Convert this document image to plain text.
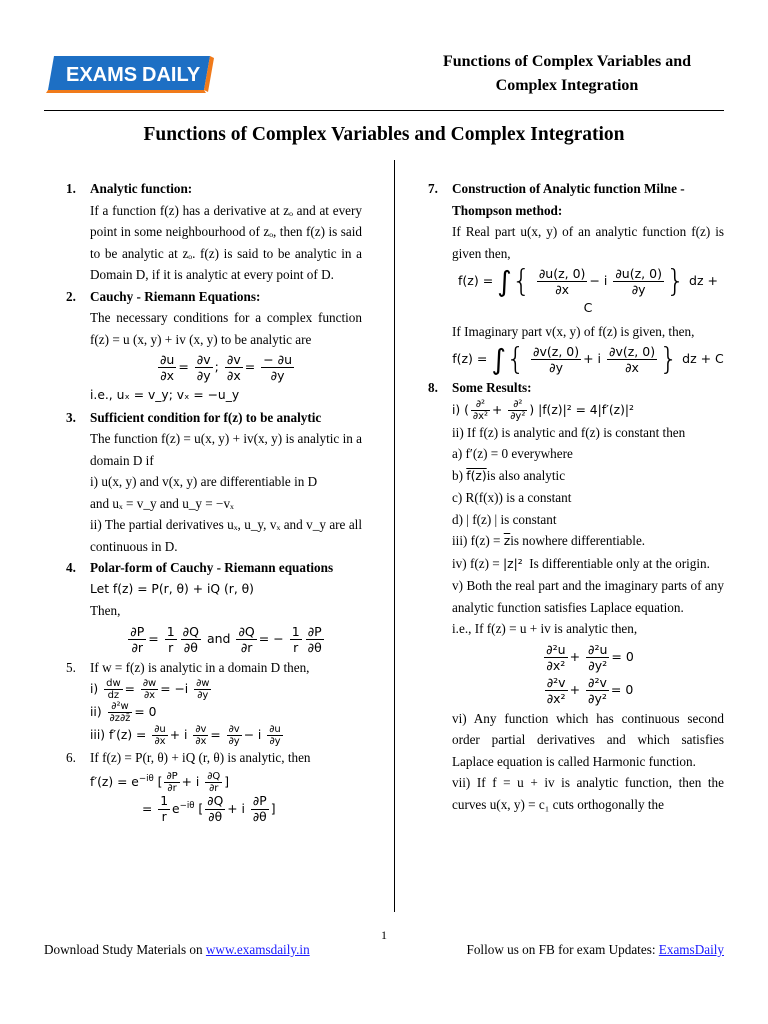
EXAMS DAILY
Functions of Complex Variables and
Complex Integration
Functions of Complex Variables and Complex Integration
1. Analytic function:

If a function f(z) has a derivative at zₒ and at every point in some neighbourhood of zₒ, then f(z) is said to be analytic at zₒ. f(z) is said to be analytic in a Domain D, if it is analytic at every point of D.

2. Cauchy - Riemann Equations:

The necessary conditions for a complex function f(z) = u (x, y) + iv (x, y) to be analytic are

$\frac{\partial u}{\partial x} = \frac{\partial v}{\partial y}$ ; $\frac{\partial v}{\partial x} = \frac{- \partial u}{\partial y}$

i.e., uₓ = v_y; vₓ = −u_y

3. Sufficient condition for f(z) to be analytic

The function f(z) = u(x, y) + iv(x, y) is analytic in a domain D if

i) u(x, y) and v(x, y) are differentiable in D

and uₓ = v_y and u_y = −vₓ

ii) The partial derivatives uₓ, u_y, vₓ and v_y are all continuous in D.

4. Polar-form of Cauchy - Riemann equations

Let f(z) = P(r, θ) + iQ (r, θ)

Then,

$\frac{\partial P}{\partial r} = \frac{1}{r} \frac{\partial Q}{\partial\theta}$ and $\frac{\partial Q}{\partial r}$ = − $\frac{1}{r} \frac{\partial P}{\partial\theta}$
5. If w = f(z) is analytic in a domain D then,

$i) \frac{dw}{dz} = \frac{\partial w}{\partial x} = -i \frac{\partial w}{\partial y}$
$ii) \frac{\text{∂²w}}{\partial z\partial z̄} = 0$
iii) $f'(z) = \frac{\partial u}{\partial x} + i \frac{\partial v}{\partial x} = \frac{\partial v}{\partial y} - i \frac{\partial u}{\partial y}$
6. If f(z) = P(r, θ) + iQ (r, θ) is analytic, then

$f'(z) = e^{-i\theta}$ [ $\frac{\partial P}{\partial r} + i \frac{\partial Q}{\partial r}$ ]
= $\frac{1}{r} e^{-i\theta}$ [ $\frac{\partial Q}{\partial\theta} + i \frac{\partial P}{\partial\theta}$ ]
7. Construction of Analytic function Milne - Thompson method:

If Real part u(x, y) of an analytic function f(z) is given then,

f(z) = ∫{ $\frac{\partial u(z, 0)}{\partial x} - i \frac{\partial u(z, 0)}{\partial y}$ } dz + C

If Imaginary part v(x, y) of f(z) is given, then,

f(z) = ∫{ $\frac{\partial v(z, 0)}{\partial y} + i \frac{\partial v(z, 0)}{\partial x}$ } dz + C
8. Some Results:
i) ( $\frac{\text{∂²}}{\text{∂x²}} + \frac{\text{∂²}}{\text{∂y²}}$ ) |f(z)|² = 4|f′(z)|²

ii) If f(z) is analytic and f(z) is constant then

a) f′(z) = 0 everywhere

b) f(z)is also analytic

c) R(f(x)) is a constant

d) | f(z) | is constant

iii) $f(z) = \overline{z}is$ nowhere differentiable.

iv) f(z) = |z|² Is differentiable only at the origin.

v) Both the real part and the imaginary parts of any analytic function satisfies Laplace equation.

i.e., If f(z) = u + iv is analytic then,

$\frac{\text{∂²u}}{\text{∂x²}} + \frac{\text{∂²u}}{\text{∂y²}} = 0$
$\frac{\text{∂²v}}{\text{∂x²}} + \frac{\text{∂²v}}{\text{∂y²}} = 0$

vi) Any function which has continuous second order partial derivatives and which satisfies Laplace equation is called Harmonic function.

vii) If f = u + iv is analytic function, then the curves u(x, y) = c₁ cuts orthogonally the

1
Download Study Materials on www.examsdaily.in	Follow us on FB for exam Updates: ExamsDaily
